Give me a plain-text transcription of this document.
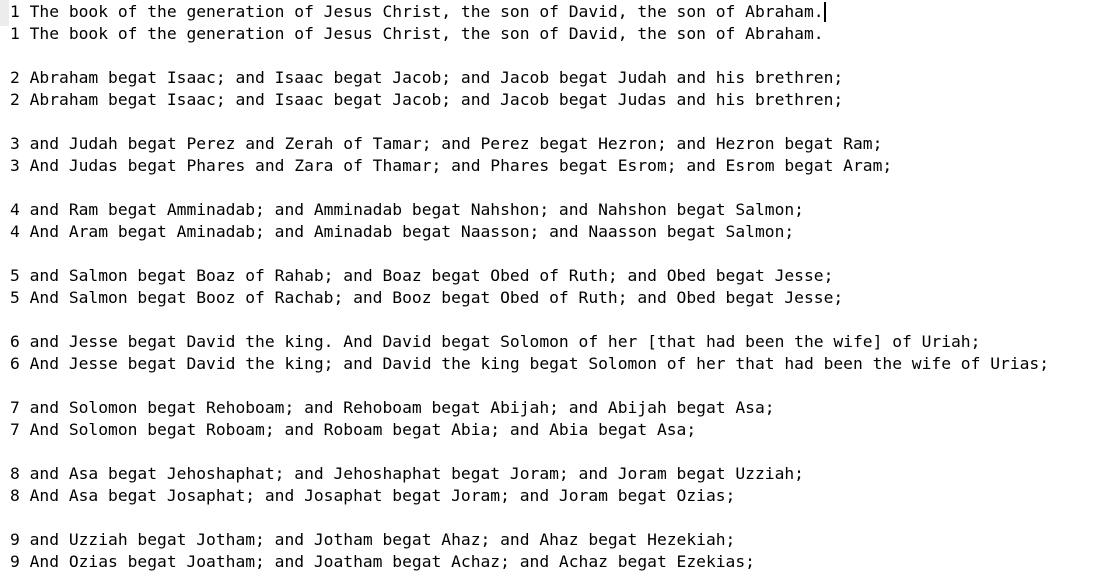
1 The book of the generation of Jesus Christ, the son of David, the son of Abraham.
1 The book of the generation of Jesus Christ, the son of David, the son of Abraham.
2 Abraham begat Isaac; and Isaac begat Jacob; and Jacob begat Judah and his brethren;
2 Abraham begat Isaac; and Isaac begat Jacob; and Jacob begat Judas and his brethren;
3 and Judah begat Perez and Zerah of Tamar; and Perez begat Hezron; and Hezron begat Ram;
3 And Judas begat Phares and Zara of Thamar; and Phares begat Esrom; and Esrom begat Aram;
4 and Ram begat Amminadab; and Amminadab begat Nahshon; and Nahshon begat Salmon;
4 And Aram begat Aminadab; and Aminadab begat Naasson; and Naasson begat Salmon;
5 and Salmon begat Boaz of Rahab; and Boaz begat Obed of Ruth; and Obed begat Jesse;
5 And Salmon begat Booz of Rachab; and Booz begat Obed of Ruth; and Obed begat Jesse;
6 and Jesse begat David the king. And David begat Solomon of her [that had been the wife] of Uriah;
6 And Jesse begat David the king; and David the king begat Solomon of her that had been the wife of Urias;
7 and Solomon begat Rehoboam; and Rehoboam begat Abijah; and Abijah begat Asa;
7 And Solomon begat Roboam; and Roboam begat Abia; and Abia begat Asa;
8 and Asa begat Jehoshaphat; and Jehoshaphat begat Joram; and Joram begat Uzziah;
8 And Asa begat Josaphat; and Josaphat begat Joram; and Joram begat Ozias;
9 and Uzziah begat Jotham; and Jotham begat Ahaz; and Ahaz begat Hezekiah;
9 And Ozias begat Joatham; and Joatham begat Achaz; and Achaz begat Ezekias;
